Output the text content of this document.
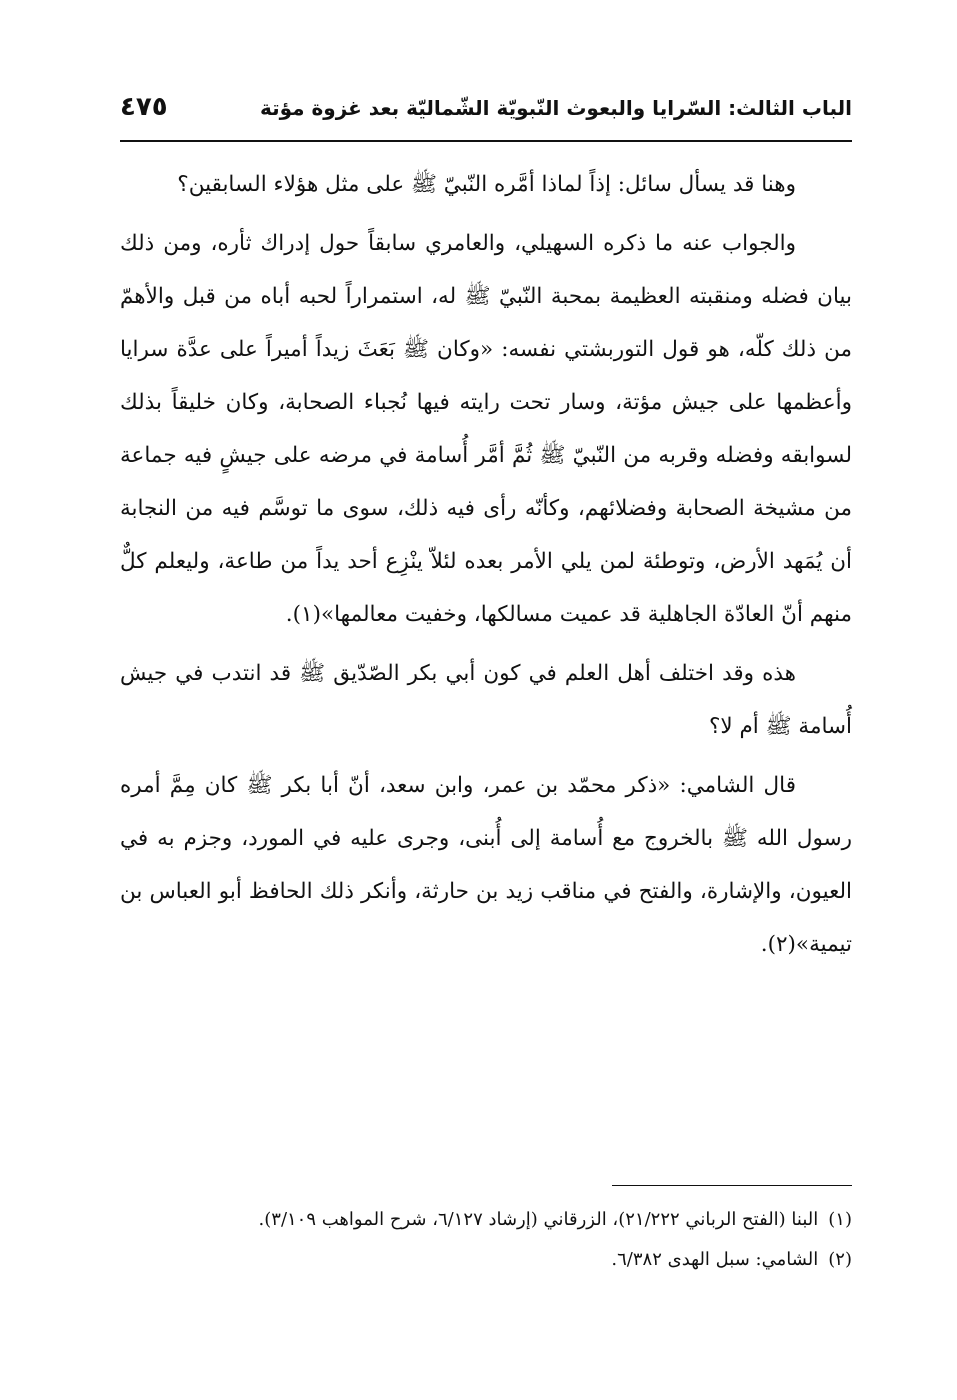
الباب الثالث: السّرايا والبعوث النّبويّة الشّماليّة بعد غزوة مؤتة
٤٧٥

وهنا قد يسأل سائل: إذاً لماذا أمَّره النّبيّ ﷺ على مثل هؤلاء السابقين؟

والجواب عنه ما ذكره السهيلي، والعامري سابقاً حول إدراك ثأره، ومن ذلك بيان فضله ومنقبته العظيمة بمحبة النّبيّ ﷺ له، استمراراً لحبه أباه من قبل والأهمّ من ذلك كلّه، هو قول التوربشتي نفسه: «وكان ﷺ بَعَثَ زيداً أميراً على عدَّة سرايا وأعظمها على جيش مؤتة، وسار تحت رايته فيها نُجباء الصحابة، وكان خليقاً بذلك لسوابقه وفضله وقربه من النّبيّ ﷺ ثُمَّ أمَّر أُسامة في مرضه على جيشٍ فيه جماعة من مشيخة الصحابة وفضلائهم، وكأنّه رأى فيه ذلك، سوى ما توسَّم فيه من النجابة أن يُمَهد الأرض، وتوطئة لمن يلي الأمر بعده لئلاّ ينْزِع أحد يداً من طاعة، وليعلم كلٌّ منهم أنّ العادّة الجاهلية قد عميت مسالكها، وخفيت معالمها»(١).

هذه وقد اختلف أهل العلم في كون أبي بكر الصّدّيق ﷺ قد انتدب في جيش أُسامة ﷺ أم لا؟

قال الشامي: «ذكر محمّد بن عمر، وابن سعد، أنّ أبا بكر ﷺ كان مِمَّ أمره رسول الله ﷺ بالخروج مع أُسامة إلى أُبنى، وجرى عليه في المورد، وجزم به في العيون، والإشارة، والفتح في مناقب زيد بن حارثة، وأنكر ذلك الحافظ أبو العباس بن تيمية»(٢).

(١)البنا (الفتح الرباني ٢١/٢٢٢)، الزرقاني (إرشاد ٦/١٢٧، شرح المواهب ٣/١٠٩).
(٢)الشامي: سبل الهدى ٦/٣٨٢.
